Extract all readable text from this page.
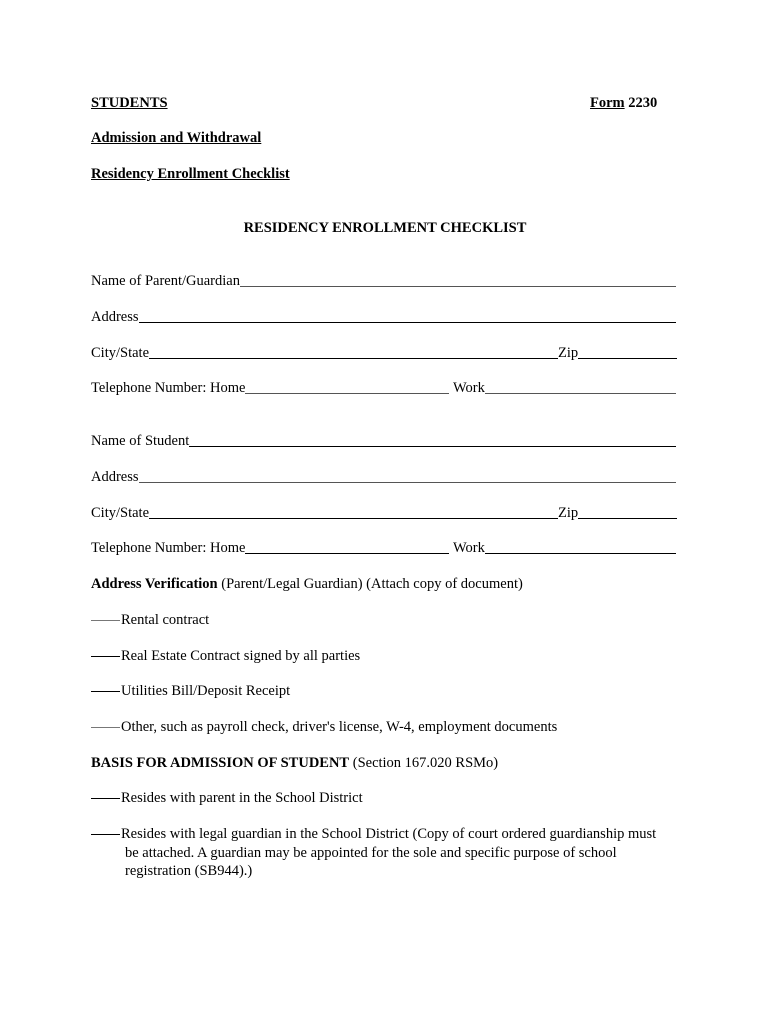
STUDENTS	Form 2230
Admission and Withdrawal
Residency Enrollment Checklist
RESIDENCY ENROLLMENT CHECKLIST
Name of Parent/Guardian
Address
City/State	Zip
Telephone Number: Home	Work
Name of Student
Address
City/State	Zip
Telephone Number: Home	Work
Address Verification (Parent/Legal Guardian) (Attach copy of document)
Rental contract
Real Estate Contract signed by all parties
Utilities Bill/Deposit Receipt
Other, such as payroll check, driver's license, W-4, employment documents
BASIS FOR ADMISSION OF STUDENT (Section 167.020 RSMo)
Resides with parent in the School District
Resides with legal guardian in the School District (Copy of court ordered guardianship must
be attached. A guardian may be appointed for the sole and specific purpose of school
registration (SB944).)
